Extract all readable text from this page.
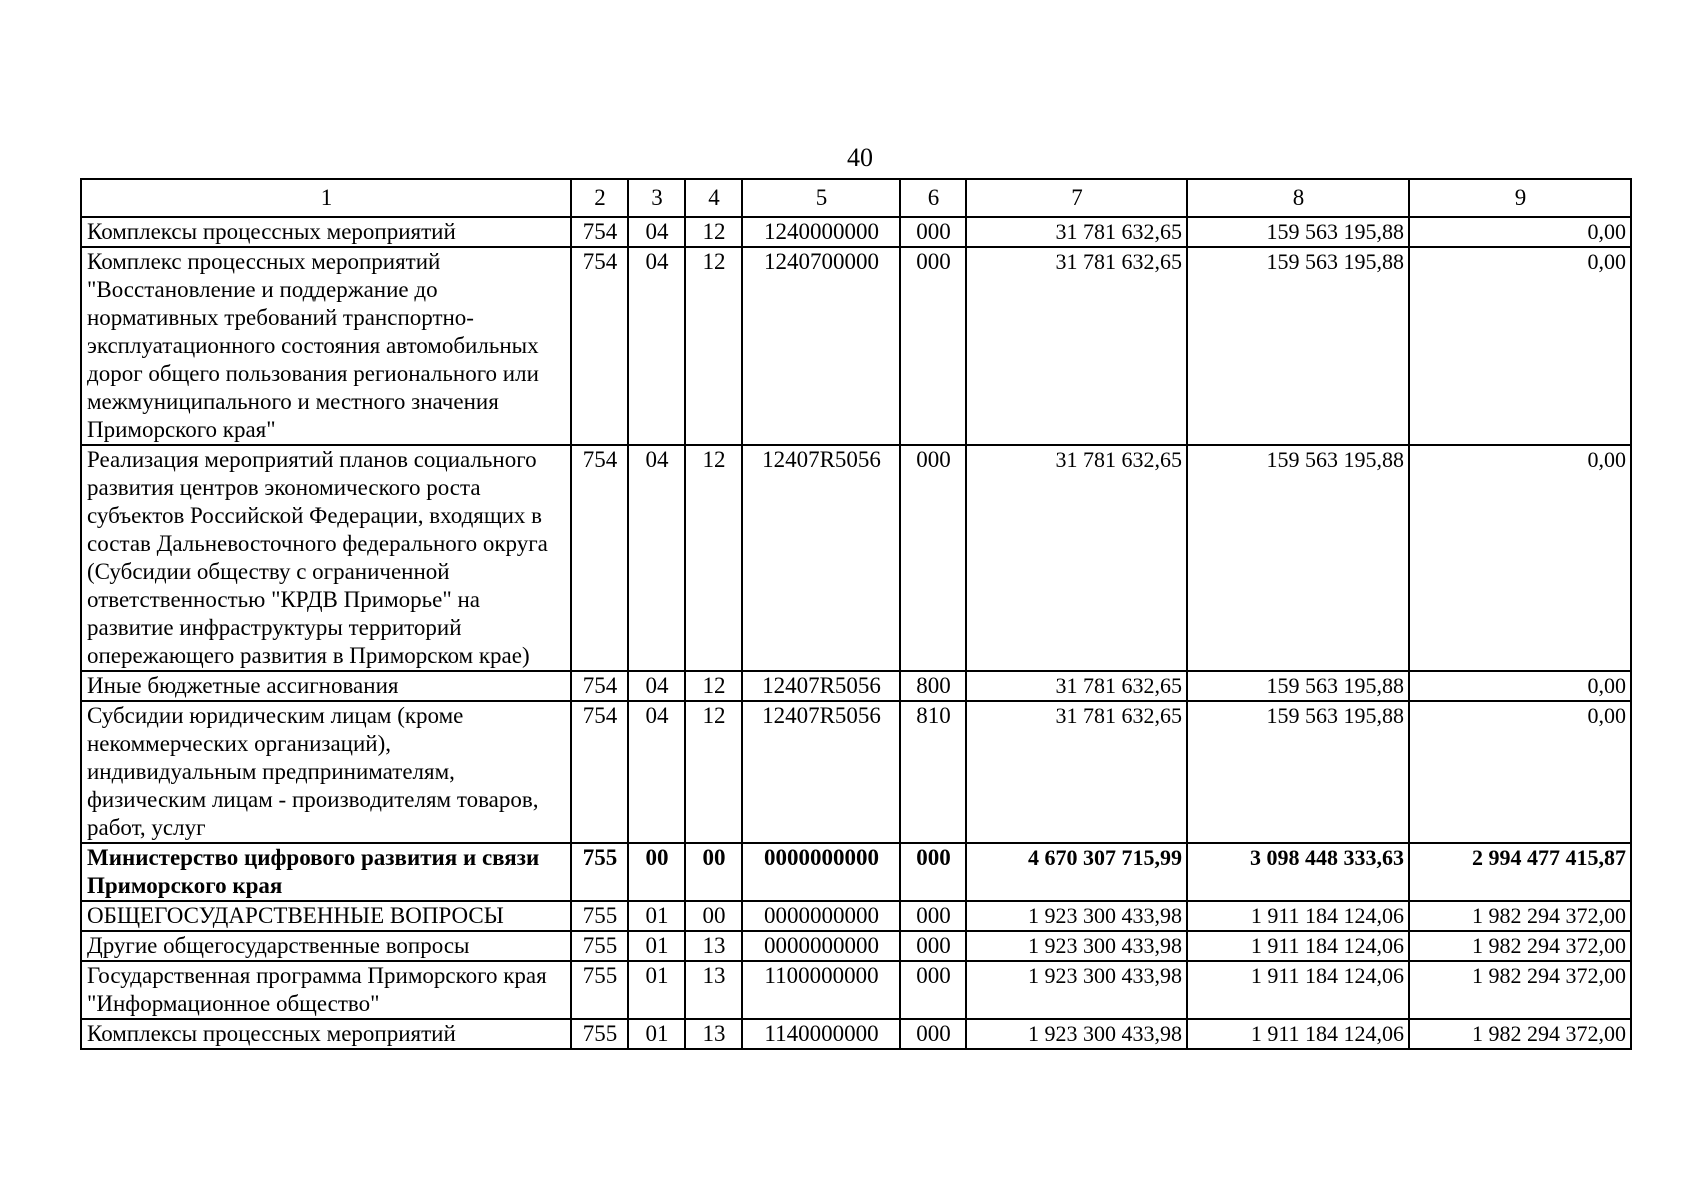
40
1	2	3	4	5	6	7	8	9
Комплексы процессных мероприятий	754	04	12	1240000000	000	31 781 632,65	159 563 195,88	0,00
Комплекс процессных мероприятий "Восстановление и поддержание до нормативных требований транспортно-эксплуатационного состояния автомобильных дорог общего пользования регионального или межмуниципального и местного значения Приморского края"	754	04	12	1240700000	000	31 781 632,65	159 563 195,88	0,00
Реализация мероприятий планов социального развития центров экономического роста субъектов Российской Федерации, входящих в состав Дальневосточного федерального округа (Субсидии обществу с ограниченной ответственностью "КРДВ Приморье" на развитие инфраструктуры территорий опережающего развития в Приморском крае)	754	04	12	12407R5056	000	31 781 632,65	159 563 195,88	0,00
Иные бюджетные ассигнования	754	04	12	12407R5056	800	31 781 632,65	159 563 195,88	0,00
Субсидии юридическим лицам (кроме некоммерческих организаций), индивидуальным предпринимателям, физическим лицам - производителям товаров, работ, услуг	754	04	12	12407R5056	810	31 781 632,65	159 563 195,88	0,00
Министерство цифрового развития и связи Приморского края	755	00	00	0000000000	000	4 670 307 715,99	3 098 448 333,63	2 994 477 415,87
ОБЩЕГОСУДАРСТВЕННЫЕ ВОПРОСЫ	755	01	00	0000000000	000	1 923 300 433,98	1 911 184 124,06	1 982 294 372,00
Другие общегосударственные вопросы	755	01	13	0000000000	000	1 923 300 433,98	1 911 184 124,06	1 982 294 372,00
Государственная программа Приморского края "Информационное общество"	755	01	13	1100000000	000	1 923 300 433,98	1 911 184 124,06	1 982 294 372,00
Комплексы процессных мероприятий	755	01	13	1140000000	000	1 923 300 433,98	1 911 184 124,06	1 982 294 372,00
